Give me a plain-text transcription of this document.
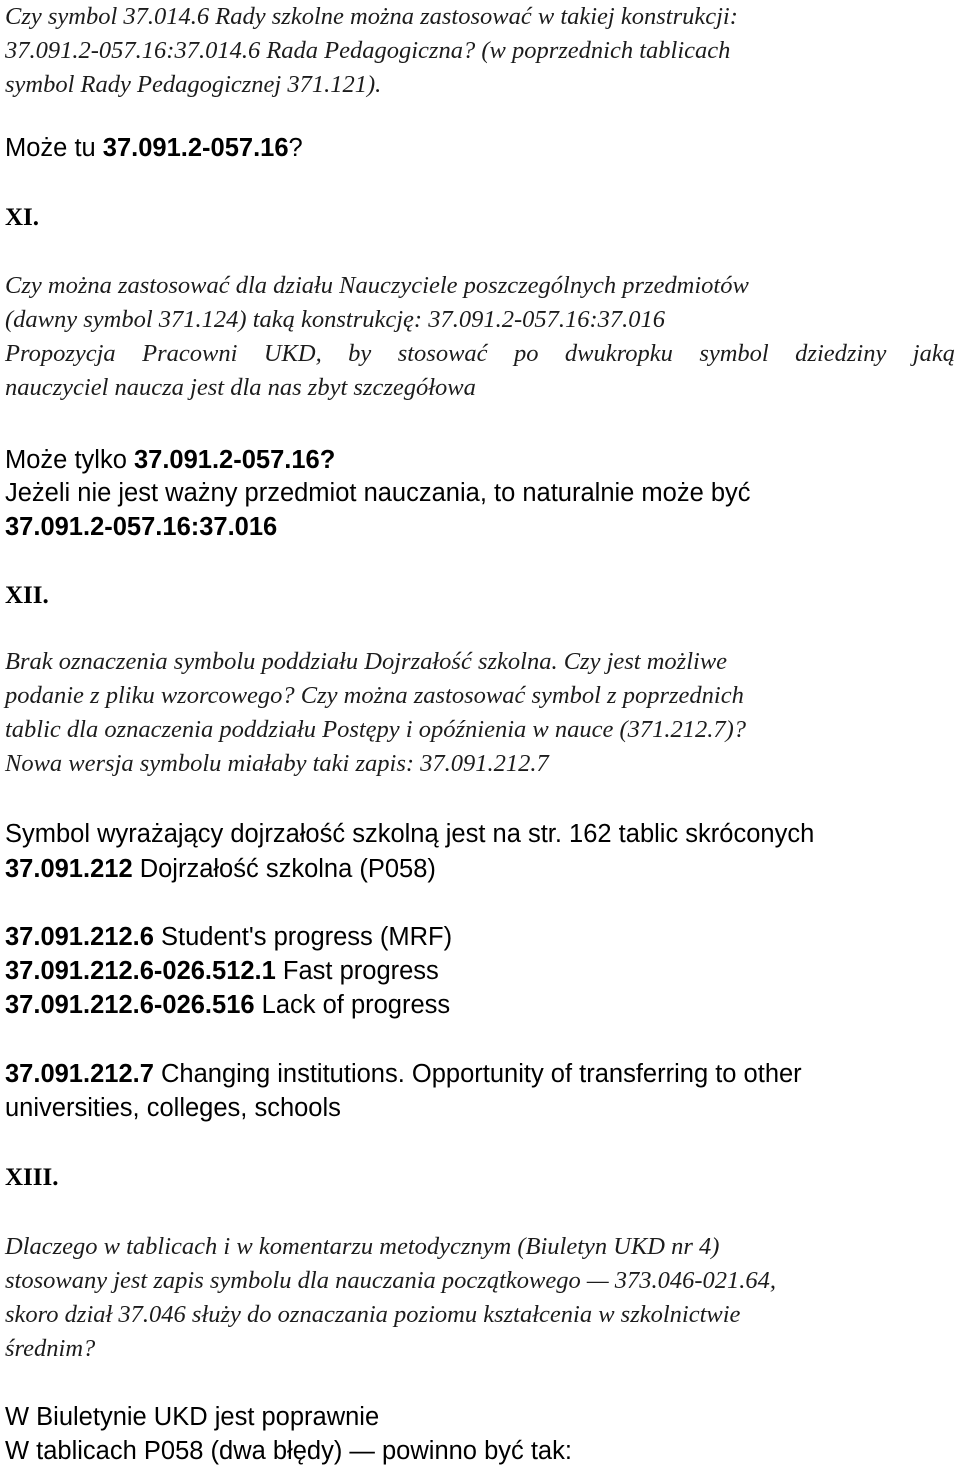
Czy symbol 37.014.6 Rady szkolne można zastosować w takiej konstrukcji:

37.091.2-057.16:37.014.6 Rada Pedagogiczna? (w poprzednich tablicach

symbol Rady Pedagogicznej 371.121).

Może tu 37.091.2-057.16?

XI.

Czy można zastosować dla działu Nauczyciele poszczególnych przedmiotów

(dawny symbol 371.124) taką konstrukcję: 37.091.2-057.16:37.016

Propozycja Pracowni UKD, by stosować po dwukropku symbol dziedziny jaką

nauczyciel naucza jest dla nas zbyt szczegółowa

Może tylko 37.091.2-057.16?

Jeżeli nie jest ważny przedmiot nauczania, to naturalnie może być

37.091.2-057.16:37.016

XII.

Brak oznaczenia symbolu poddziału Dojrzałość szkolna. Czy jest możliwe

podanie z pliku wzorcowego? Czy można zastosować symbol z poprzednich

tablic dla oznaczenia poddziału Postępy i opóźnienia w nauce (371.212.7)?

Nowa wersja symbolu miałaby taki zapis: 37.091.212.7

Symbol wyrażający dojrzałość szkolną jest na str. 162 tablic skróconych

37.091.212 Dojrzałość szkolna (P058)

37.091.212.6 Student's progress (MRF)

37.091.212.6-026.512.1 Fast progress

37.091.212.6-026.516 Lack of progress

37.091.212.7 Changing institutions. Opportunity of transferring to other

universities, colleges, schools

XIII.

Dlaczego w tablicach i w komentarzu metodycznym (Biuletyn UKD nr 4)

stosowany jest zapis symbolu dla nauczania początkowego — 373.046-021.64,

skoro dział 37.046 służy do oznaczania poziomu kształcenia w szkolnictwie

średnim?

W Biuletynie UKD jest poprawnie

W tablicach P058 (dwa błędy) — powinno być tak:
